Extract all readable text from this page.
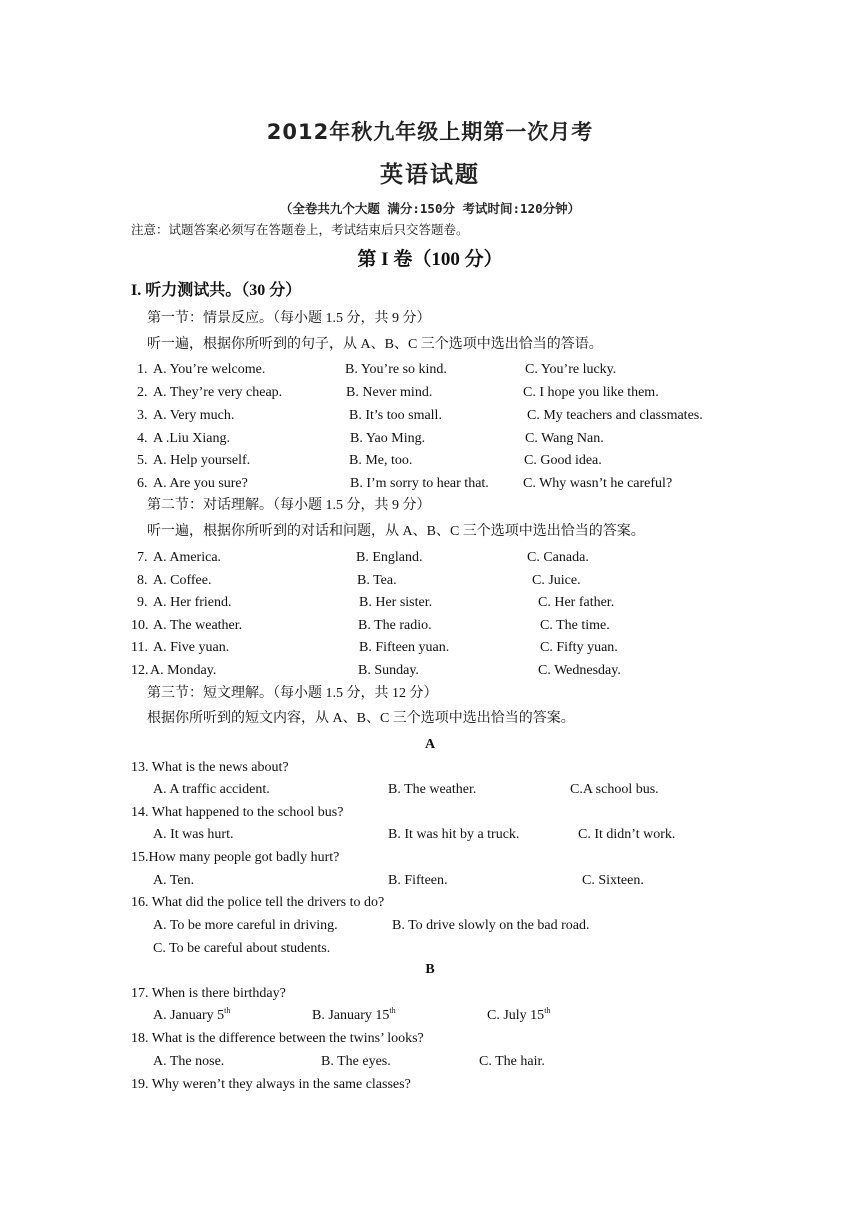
2012年秋九年级上期第一次月考
英语试题
（全卷共九个大题 满分:150分 考试时间:120分钟）
注意：试题答案必须写在答题卷上，考试结束后只交答题卷。
第 I 卷（100 分）
I. 听力测试共。（30 分）
第一节：情景反应。（每小题 1.5 分，共 9 分）
听一遍，根据你所听到的句子，从 A、B、C 三个选项中选出恰当的答语。
1. A. You’re welcome.	B. You’re so kind.	C. You’re lucky.
2. A. They’re very cheap.	B. Never mind.	C. I hope you like them.
3. A. Very much.	B. It’s too small.	C. My teachers and classmates.
4. A .Liu Xiang.	B. Yao Ming.	C. Wang Nan.
5. A. Help yourself.	B. Me, too.	C. Good idea.
6. A. Are you sure?	B. I’m sorry to hear that. C. Why wasn’t he careful?
第二节：对话理解。（每小题 1.5 分，共 9 分）
听一遍，根据你所听到的对话和问题，从 A、B、C 三个选项中选出恰当的答案。
7. A. America.	B. England.	C. Canada.
8. A. Coffee.	B. Tea.	C. Juice.
9. A. Her friend.	B. Her sister.	C. Her father.
10. A. The weather.	B. The radio.	C. The time.
11. A. Five yuan.	B. Fifteen yuan.	C. Fifty yuan.
12. A. Monday.	B. Sunday.	C. Wednesday.
第三节：短文理解。（每小题 1.5 分，共 12 分）
根据你所听到的短文内容，从 A、B、C 三个选项中选出恰当的答案。
A
13. What is the news about?
A. A traffic accident.	B. The weather.	C.A school bus.
14. What happened to the school bus?
A. It was hurt.	B. It was hit by a truck.	C. It didn’t work.
15.How many people got badly hurt?
A. Ten.	B. Fifteen.	C. Sixteen.
16. What did the police tell the drivers to do?
A. To be more careful in driving.	B. To drive slowly on the bad road.
C. To be careful about students.
B
17. When is there birthday?
A. January 5th	B. January 15th	C. July 15th
18. What is the difference between the twins’ looks?
A. The nose.	B. The eyes.	C. The hair.
19. Why weren’t they always in the same classes?
